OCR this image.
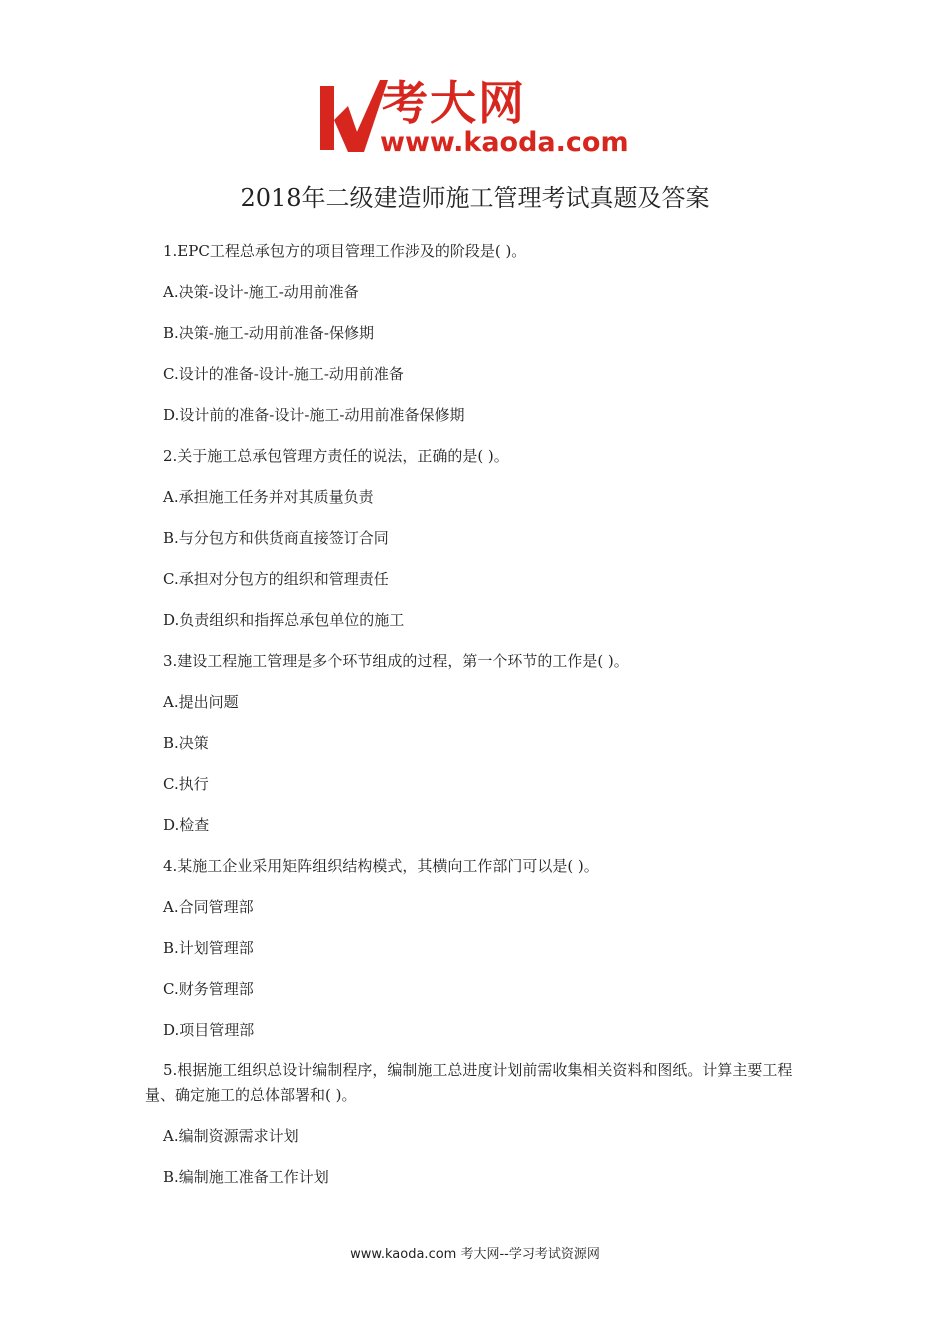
考大网
www.kaoda.com
2018年二级建造师施工管理考试真题及答案
1.EPC工程总承包方的项目管理工作涉及的阶段是( )。
A.决策-设计-施工-动用前准备
B.决策-施工-动用前准备-保修期
C.设计的准备-设计-施工-动用前准备
D.设计前的准备-设计-施工-动用前准备保修期
2.关于施工总承包管理方责任的说法，正确的是( )。
A.承担施工任务并对其质量负责
B.与分包方和供货商直接签订合同
C.承担对分包方的组织和管理责任
D.负责组织和指挥总承包单位的施工
3.建设工程施工管理是多个环节组成的过程，第一个环节的工作是( )。
A.提出问题
B.决策
C.执行
D.检查
4.某施工企业采用矩阵组织结构模式，其横向工作部门可以是( )。
A.合同管理部
B.计划管理部
C.财务管理部
D.项目管理部
5.根据施工组织总设计编制程序，编制施工总进度计划前需收集相关资料和图纸。计算主要工程量、确定施工的总体部署和( )。
A.编制资源需求计划
B.编制施工准备工作计划
www.kaoda.com 考大网--学习考试资源网
